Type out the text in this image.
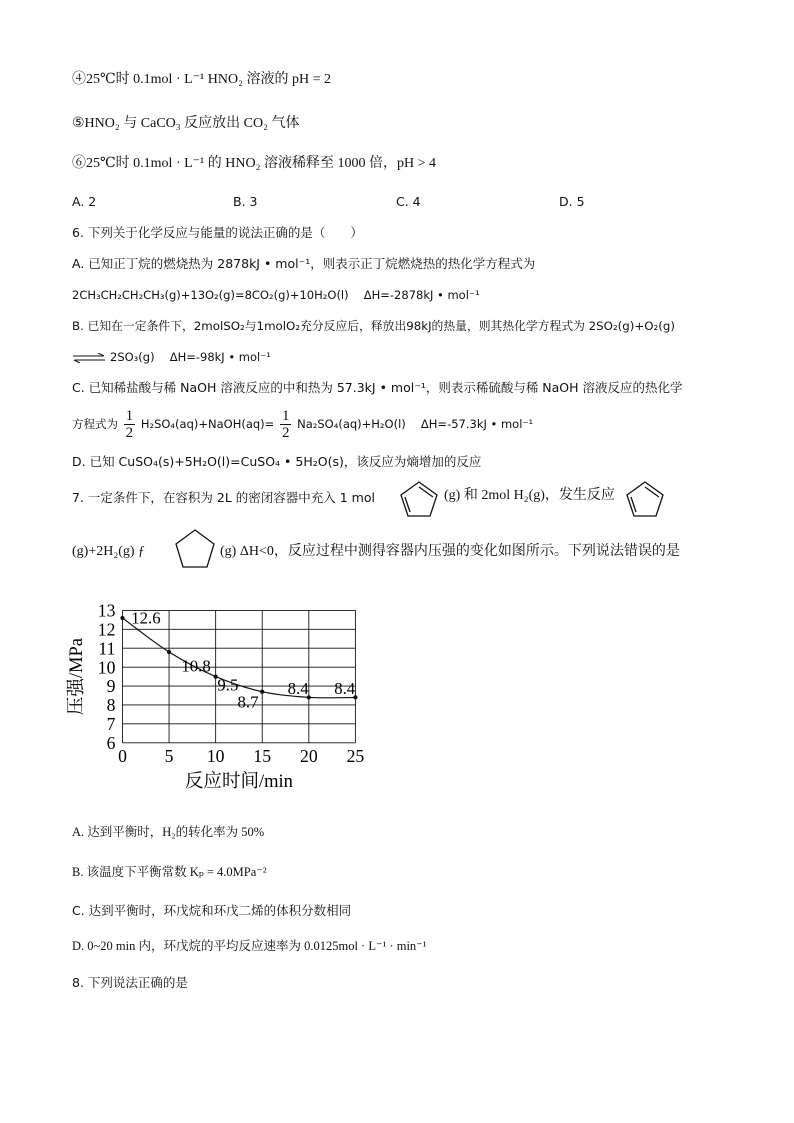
④25℃时 0.1mol · L⁻¹ HNO₂ 溶液的 pH = 2
⑤HNO₂ 与 CaCO₃ 反应放出 CO₂ 气体
⑥25℃时 0.1mol · L⁻¹ 的 HNO₂ 溶液稀释至 1000 倍，pH > 4
A. 2	B. 3	C. 4	D. 5
6. 下列关于化学反应与能量的说法正确的是（　　）
A. 已知正丁烷的燃烧热为 2878kJ • mol⁻¹，则表示正丁烷燃烧热的热化学方程式为
2CH₃CH₂CH₂CH₃(g)+13O₂(g)=8CO₂(g)+10H₂O(l)　 ΔH=-2878kJ • mol⁻¹
B. 已知在一定条件下，2molSO₂与1molO₂充分反应后，释放出98kJ的热量，则其热化学方程式为 2SO₂(g)+O₂(g)
⇌ 2SO₃(g)　 ΔH=-98kJ • mol⁻¹
C. 已知稀盐酸与稀 NaOH 溶液反应的中和热为 57.3kJ • mol⁻¹，则表示稀硫酸与稀 NaOH 溶液反应的热化学
方程式为 $\frac{1}{2}$ H₂SO₄(aq)+NaOH(aq)= $\frac{1}{2} Na_2SO_4(aq)+H_2O(l)$　 ΔH=-57.3kJ • mol⁻¹
D. 已知 CuSO₄(s)+5H₂O(l)=CuSO₄ • 5H₂O(s)，该反应为熵增加的反应
7. 一定条件下，在容积为 2L 的密闭容器中充入 1 mol	(g) 和 2mol H₂(g)，发生反应
(g)+2H₂(g) ƒ	(g) ΔH<0，反应过程中测得容器内压强的变化如图所示。下列说法错误的是
0 5 10 15 20 25
6
7
8
9
10
11
12
13
反应时间/min
压强/MPa
12.6
10.8
9.5
8.7
8.4 8.4
A. 达到平衡时，H₂的转化率为 50%
B. 该温度下平衡常数 Kₚ = 4.0MPa⁻²
C. 达到平衡时，环戊烷和环戊二烯的体积分数相同
D. 0~20 min 内，环戊烷的平均反应速率为 0.0125mol · L⁻¹ · min⁻¹
8. 下列说法正确的是
